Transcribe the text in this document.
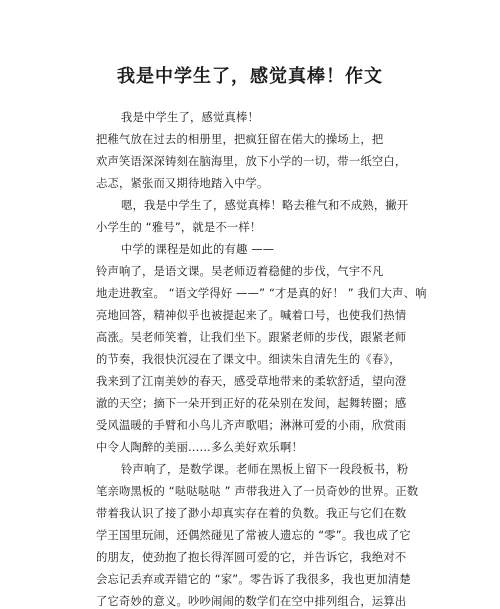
我是中学生了，感觉真棒！作文
我是中学生了，感觉真棒！
把稚气放在过去的相册里，把疯狂留在偌大的操场上，把
欢声笑语深深铸刻在脑海里，放下小学的一切，带一纸空白，
忐忑，紧张而又期待地踏入中学。
嗯，我是中学生了，感觉真棒！略去稚气和不成熟，撇开
小学生的 “雅号”，就是不一样！
中学的课程是如此的有趣 ——
铃声响了，是语文课。吴老师迈着稳健的步伐，气宇不凡
地走进教室。 “语文学得好 ——” “才是真的好！ ” 我们大声、响
亮地回答，精神似乎也被提起来了。喊着口号，也使我们热情
高涨。吴老师笑着，让我们坐下。跟紧老师的步伐，跟紧老师
的节奏，我很快沉浸在了课文中。细读朱自清先生的《春》，
我来到了江南美妙的春天，感受草地带来的柔软舒适，望向澄
澈的天空；摘下一朵开到正好的花朵别在发间，起舞转圈；感
受风温暖的手臂和小鸟儿齐声歌唱；淋淋可爱的小雨，欣赏雨
中令人陶醉的美丽……多么美好欢乐啊！
铃声响了，是数学课。老师在黑板上留下一段段板书，粉
笔亲吻黑板的 “哒哒哒哒 ” 声带我进入了一员奇妙的世界。正数
带着我认识了接了渺小却真实存在着的负数。我正与它们在数
学王国里玩闹，还偶然碰见了常被人遗忘的 “零”。我也成了它
的朋友，使劲抱了抱长得浑圆可爱的它，并告诉它，我绝对不
会忘记丢弃或弄错它的 “家”。零告诉了我很多，我也更加清楚
了它奇妙的意义。吵吵闹闹的数学们在空中排列组合，运算出
